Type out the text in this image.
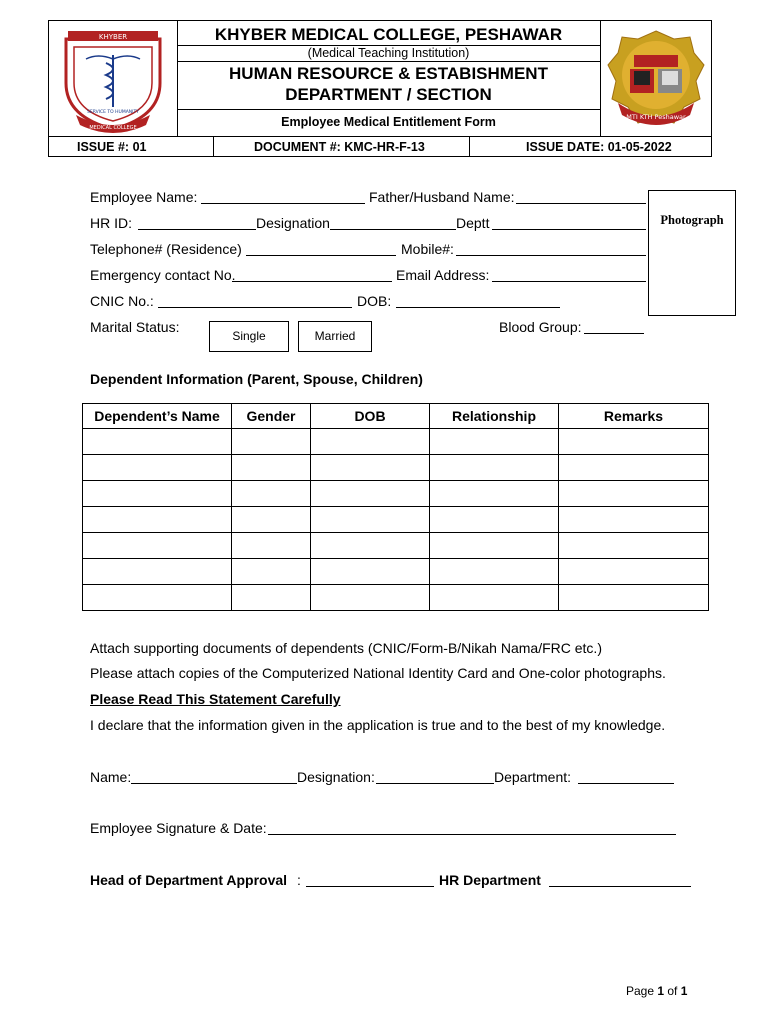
KHYBER
SERVICE TO HUMANITY
MEDICAL COLLEGE
KHYBER MEDICAL COLLEGE, PESHAWAR
(Medical Teaching Institution)
HUMAN RESOURCE & ESTABISHMENT
DEPARTMENT / SECTION
Employee Medical Entitlement Form	MTI KTH Peshawar
ISSUE #: 01	DOCUMENT #: KMC-HR-F-13	ISSUE DATE: 01-05-2022
Photograph
Employee Name:	Father/Husband Name:
HR ID:	Designation	Deptt
Telephone# (Residence)	Mobile#:
Emergency contact No.	Email Address:
CNIC No.:	DOB:
Marital Status:
Single	Married
Blood Group:
Dependent Information (Parent, Spouse, Children)
Dependent’s Name	Gender	DOB	Relationship	Remarks

Attach supporting documents of dependents (CNIC/Form-B/Nikah Nama/FRC etc.)
Please attach copies of the Computerized National Identity Card and One-color photographs.
Please Read This Statement Carefully
I declare that the information given in the application is true and to the best of my knowledge.
Name:	Designation:	Department:
Employee Signature & Date:
Head of Department Approval :	HR Department
Page 1 of 1
